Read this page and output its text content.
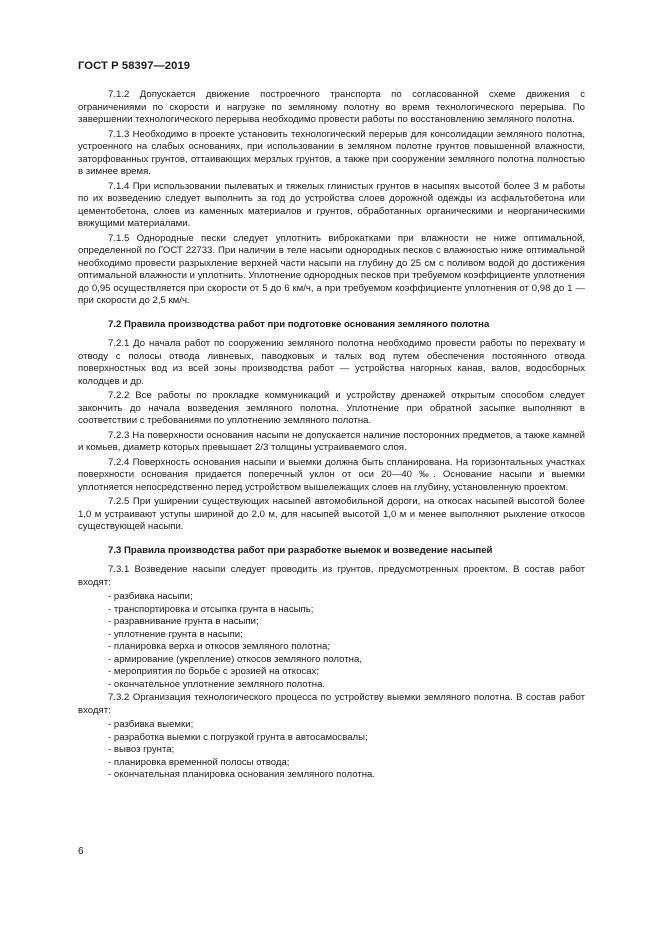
ГОСТ Р 58397—2019

7.1.2 Допускается движение построечного транспорта по согласованной схеме движения с ограничениями по скорости и нагрузке по земляному полотну во время технологического перерыва. По завершении технологического перерыва необходимо провести работы по восстановлению земляного полотна.

7.1.3 Необходимо в проекте установить технологический перерыв для консолидации земляного полотна, устроенного на слабых основаниях, при использовании в земляном полотне грунтов повышенной влажности, заторфованных грунтов, оттаивающих мерзлых грунтов, а также при сооружении земляного полотна полностью в зимнее время.

7.1.4 При использовании пылеватых и тяжелых глинистых грунтов в насыпях высотой более 3 м работы по их возведению следует выполнить за год до устройства слоев дорожной одежды из асфальтобетона или цементобетона, слоев из каменных материалов и грунтов, обработанных органическими и неорганическими вяжущими материалами.

7.1.5 Однородные пески следует уплотнить виброкатками при влажности не ниже оптимальной, определенной по ГОСТ 22733. При наличии в теле насыпи однородных песков с влажностью ниже оптимальной необходимо провести разрыхление верхней части насыпи на глубину до 25 см с поливом водой до достижения оптимальной влажности и уплотнить. Уплотнение однородных песков при требуемом коэффициенте уплотнения до 0,95 осуществляется при скорости от 5 до 6 км/ч, а при требуемом коэффициенте уплотнения от 0,98 до 1 — при скорости до 2,5 км/ч.

7.2 Правила производства работ при подготовке основания земляного полотна

7.2.1 До начала работ по сооружению земляного полотна необходимо провести работы по перехвату и отводу с полосы отвода ливневых, паводковых и талых вод путем обеспечения постоянного отвода поверхностных вод из всей зоны производства работ — устройства нагорных канав, валов, водосборных колодцев и др.

7.2.2 Все работы по прокладке коммуникаций и устройству дренажей открытым способом следует закончить до начала возведения земляного полотна. Уплотнение при обратной засыпке выполняют в соответствии с требованиями по уплотнению земляного полотна.

7.2.3 На поверхности основания насыпи не допускается наличие посторонних предметов, а также камней и комьев, диаметр которых превышает 2/3 толщины устраиваемого слоя.

7.2.4 Поверхность основания насыпи и выемки должна быть спланирована. На горизонтальных участках поверхности основания придается поперечный уклон от оси 20—40 ‰. Основание насыпи и выемки уплотняется непосредственно перед устройством вышележащих слоев на глубину, установленную проектом.

7.2.5 При уширении существующих насыпей автомобильной дороги, на откосах насыпей высотой более 1,0 м устраивают уступы шириной до 2,0 м, для насыпей высотой 1,0 м и менее выполняют рыхление откосов существующей насыпи.

7.3 Правила производства работ при разработке выемок и возведение насыпей

7.3.1 Возведение насыпи следует проводить из грунтов, предусмотренных проектом. В состав работ входят:

- разбивка насыпи;
- транспортировка и отсыпка грунта в насыпь;
- разравнивание грунта в насыпи;
- уплотнение грунта в насыпи;
- планировка верха и откосов земляного полотна;
- армирование (укрепление) откосов земляного полотна,
- мероприятия по борьбе с эрозией на откосах;
- окончательное уплотнение земляного полотна.

7.3.2 Организация технологического процесса по устройству выемки земляного полотна. В состав работ входят:

- разбивка выемки;
- разработка выемки с погрузкой грунта в автосамосвалы;
- вывоз грунта;
- планировка временной полосы отвода;
- окончательная планировка основания земляного полотна.
6
